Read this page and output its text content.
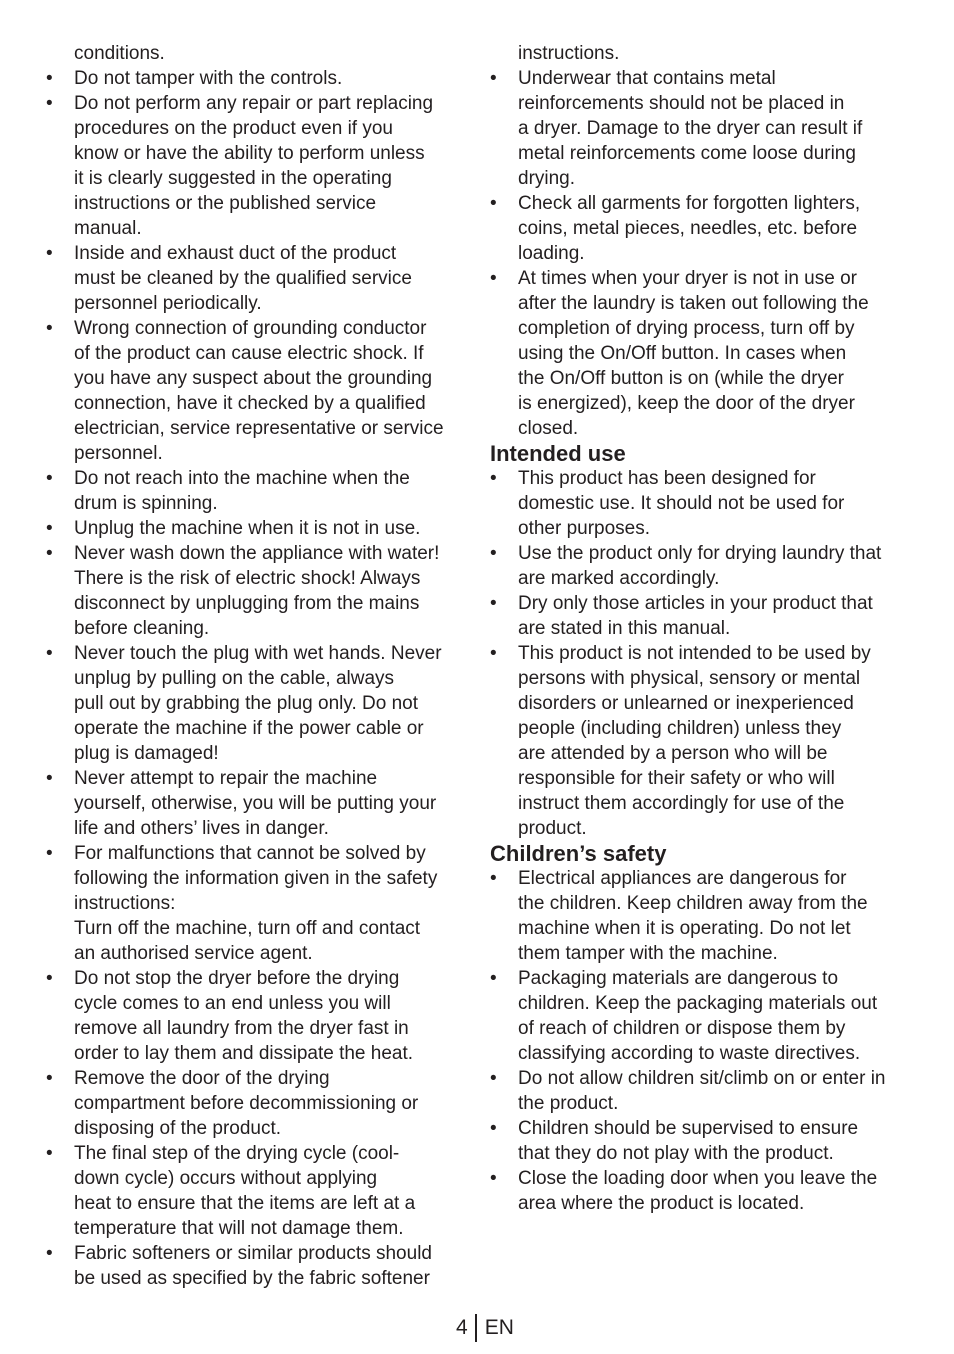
conditions.

• Do not tamper with the controls.
• Do not perform any repair or part replacing
procedures on the product even if you
know or have the ability to perform unless
it is clearly suggested in the operating
instructions or the published service
manual.
• Inside and exhaust duct of the product
must be cleaned by the qualified service
personnel periodically.
• Wrong connection of grounding conductor
of the product can cause electric shock. If
you have any suspect about the grounding
connection, have it checked by a qualified
electrician, service representative or service
personnel.
• Do not reach into the machine when the
drum is spinning.
• Unplug the machine when it is not in use.
• Never wash down the appliance with water!
There is the risk of electric shock! Always
disconnect by unplugging from the mains
before cleaning.
• Never touch the plug with wet hands. Never
unplug by pulling on the cable, always
pull out by grabbing the plug only. Do not
operate the machine if the power cable or
plug is damaged!
• Never attempt to repair the machine
yourself, otherwise, you will be putting your
life and others’ lives in danger.
• For malfunctions that cannot be solved by
following the information given in the safety
instructions:
Turn off the machine, turn off and contact
an authorised service agent.
• Do not stop the dryer before the drying
cycle comes to an end unless you will
remove all laundry from the dryer fast in
order to lay them and dissipate the heat.
• Remove the door of the drying
compartment before decommissioning or
disposing of the product.
• The final step of the drying cycle (cool-
down cycle) occurs without applying
heat to ensure that the items are left at a
temperature that will not damage them.
• Fabric softeners or similar products should
be used as specified by the fabric softener

instructions.

• Underwear that contains metal
reinforcements should not be placed in
a dryer. Damage to the dryer can result if
metal reinforcements come loose during
drying.
• Check all garments for forgotten lighters,
coins, metal pieces, needles, etc. before
loading.
• At times when your dryer is not in use or
after the laundry is taken out following the
completion of drying process, turn off by
using the On/Off button. In cases when
the On/Off button is on (while the dryer
is energized), keep the door of the dryer
closed.
Intended use
• This product has been designed for
domestic use. It should not be used for
other purposes.
• Use the product only for drying laundry that
are marked accordingly.
• Dry only those articles in your product that
are stated in this manual.
• This product is not intended to be used by
persons with physical, sensory or mental
disorders or unlearned or inexperienced
people (including children) unless they
are attended by a person who will be
responsible for their safety or who will
instruct them accordingly for use of the
product.
Children’s safety
• Electrical appliances are dangerous for
the children. Keep children away from the
machine when it is operating. Do not let
them tamper with the machine.
• Packaging materials are dangerous to
children. Keep the packaging materials out
of reach of children or dispose them by
classifying according to waste directives.
• Do not allow children sit/climb on or enter in
the product.
• Children should be supervised to ensure
that they do not play with the product.
• Close the loading door when you leave the
area where the product is located.
4 EN
